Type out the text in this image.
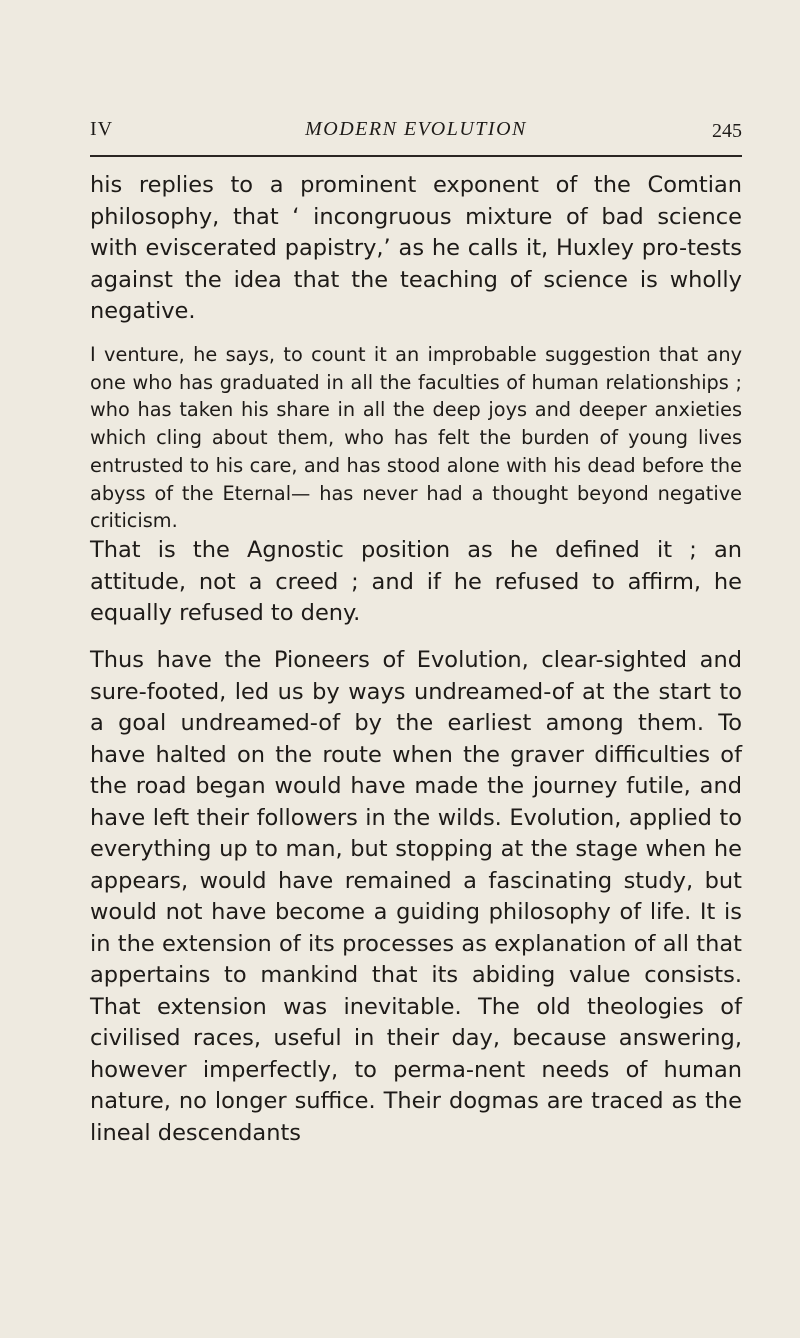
IV	MODERN EVOLUTION	245

his replies to a prominent exponent of the Comtian philosophy, that ‘ incongruous mixture of bad science with eviscerated papistry,’ as he calls it, Huxley pro-tests against the idea that the teaching of science is wholly negative.

I venture, he says, to count it an improbable suggestion that any one who has graduated in all the faculties of human relationships ; who has taken his share in all the deep joys and deeper anxieties which cling about them, who has felt the burden of young lives entrusted to his care, and has stood alone with his dead before the abyss of the Eternal— has never had a thought beyond negative criticism.

That is the Agnostic position as he defined it ; an attitude, not a creed ; and if he refused to affirm, he equally refused to deny.

Thus have the Pioneers of Evolution, clear-sighted and sure-footed, led us by ways undreamed-of at the start to a goal undreamed-of by the earliest among them. To have halted on the route when the graver difficulties of the road began would have made the journey futile, and have left their followers in the wilds. Evolution, applied to everything up to man, but stopping at the stage when he appears, would have remained a fascinating study, but would not have become a guiding philosophy of life. It is in the extension of its processes as explanation of all that appertains to mankind that its abiding value consists. That extension was inevitable. The old theologies of civilised races, useful in their day, because answering, however imperfectly, to perma-nent needs of human nature, no longer suffice. Their dogmas are traced as the lineal descendants
